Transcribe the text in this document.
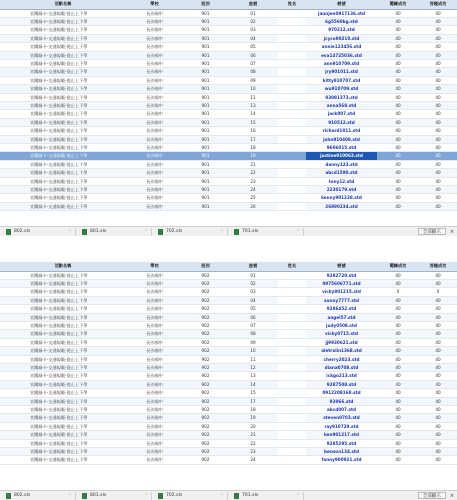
活動名稱	學校	班別	座號	姓名	帳號	闖關成功	答題成功
宣闖綠卡-交通規範-從止上下學	長沙國中	901	01		jaunjen0917136.std	40	40
宣闖綠卡-交通規範-從止上下學	長沙國中	901	02		kg5560bg.std	40	40
宣闖綠卡-交通規範-從止上下學	長沙國中	901	03		970212.std	40	40
宣闖綠卡-交通規範-從止上下學	長沙國中	901	04		jcyco90210.std	40	40
宣闖綠卡-交通規範-從止上下學	長沙國中	901	05		annie123456.std	40	40
宣闖綠卡-交通規範-從止上下學	長沙國中	901	06		eva14725036.std	40	40
宣闖綠卡-交通規範-從止上下學	長沙國中	901	07		ann910709.std	40	40
宣闖綠卡-交通規範-從止上下學	長沙國中	901	08		jry901011.std	40	40
宣闖綠卡-交通規範-從止上下學	長沙國中	901	09		kitty910707.std	40	40
宣闖綠卡-交通規範-從止上下學	長沙國中	901	10		wu910709.std	40	40
宣闖綠卡-交通規範-從止上下學	長沙國中	901	11		03091373.std	40	40
宣闖綠卡-交通規範-從止上下學	長沙國中	901	13		anna568.std	40	40
宣闖綠卡-交通規範-從止上下學	長沙國中	901	14		jack007.std	40	40
宣闖綠卡-交通規範-從止上下學	長沙國中	901	15		910512.std	40	40
宣闖綠卡-交通規範-從止上下學	長沙國中	901	16		richard1011.std	40	40
宣闖綠卡-交通規範-從止上下學	長沙國中	901	17		john910408.std	40	40
宣闖綠卡-交通規範-從止上下學	長沙國中	901	18		9606015.std	40	40
宣闖綠卡-交通規範-從止上下學	長沙國中	901	19		justine910063.std	40	40
宣闖綠卡-交通規範-從止上下學	長沙國中	901	21		danny123.std	40	40
宣闖綠卡-交通規範-從止上下學	長沙國中	901	22		abcd1590.std	40	40
宣闖綠卡-交通規範-從止上下學	長沙國中	901	23		tony12.std	40	40
宣闖綠卡-交通規範-從止上下學	長沙國中	901	24		2230179.std	40	40
宣闖綠卡-交通規範-從止上下學	長沙國中	901	25		kenny901228.std	40	40
宣闖綠卡-交通規範-從止上下學	長沙國中	901	26		26890234.std	40	40
802.xls	˄	801.xls	˄	702.xls	˄	701.xls	˄	全部顯示	×
活動名稱	學校	班別	座號	姓名	帳號	闖關成功	答題成功
宣闖綠卡-交通規範-從止上下學	長沙國中	902	01		9282720.std	40	40
宣闖綠卡-交通規範-從止上下學	長沙國中	902	02		0975606771.std	40	40
宣闖綠卡-交通規範-從止上下學	長沙國中	902	03		vicky901215.std	0	0
宣闖綠卡-交通規範-從止上下學	長沙國中	902	04		sunny7777.std	40	40
宣闖綠卡-交通規範-從止上下學	長沙國中	902	05		9286452.std	40	40
宣闖綠卡-交通規範-從止上下學	長沙國中	902	06		angel57.std	40	40
宣闖綠卡-交通規範-從止上下學	長沙國中	902	07		judy0508.std	40	40
宣闖綠卡-交通規範-從止上下學	長沙國中	902	08		vicky0715.std	40	40
宣闖綠卡-交通規範-從止上下學	長沙國中	902	09		jj9930621.std	40	40
宣闖綠卡-交通規範-從止上下學	長沙國中	902	10		aletralin1368.std	40	40
宣闖綠卡-交通規範-從止上下學	長沙國中	902	11		cherry2023.std	40	40
宣闖綠卡-交通規範-從止上下學	長沙國中	902	12		diana0708.std	40	40
宣闖綠卡-交通規範-從止上下學	長沙國中	902	13		ickgo213.std	40	40
宣闖綠卡-交通規範-從止上下學	長沙國中	902	14		9287508.std	40	40
宣闖綠卡-交通規範-從止上下學	長沙國中	902	15		0912208168.std	40	40
宣闖綠卡-交通規範-從止上下學	長沙國中	902	17		92066.std	40	40
宣闖綠卡-交通規範-從止上下學	長沙國中	902	18		abcd007.std	40	40
宣闖綠卡-交通規範-從止上下學	長沙國中	902	19		steven0703.std	40	40
宣闖綠卡-交通規範-從止上下學	長沙國中	902	20		ray910729.std	40	40
宣闖綠卡-交通規範-從止上下學	長沙國中	902	21		ken901217.std	40	40
宣闖綠卡-交通規範-從止上下學	長沙國中	902	22		9285295.std	40	40
宣闖綠卡-交通規範-從止上下學	長沙國中	902	23		benson134.std	40	40
宣闖綠卡-交通規範-從止上下學	長沙國中	902	24		fanny900921.std	40	40
802.xls	˄	801.xls	˄	702.xls	˄	701.xls	˄	全部顯示	×
